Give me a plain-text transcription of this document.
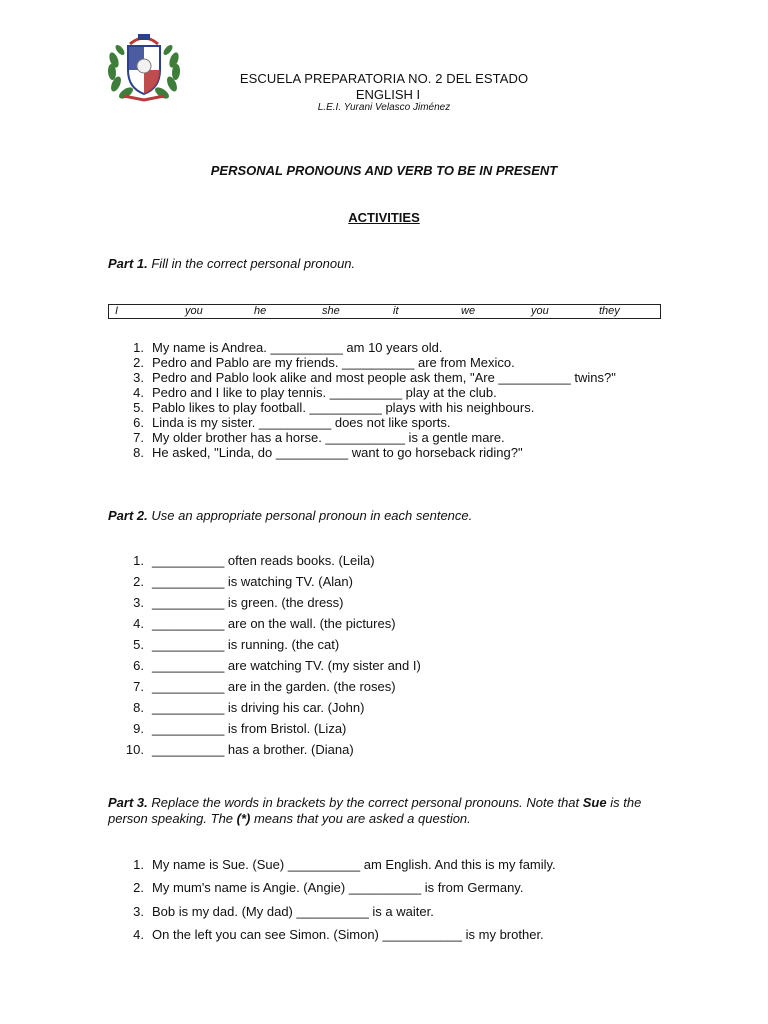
ESCUELA PREPARATORIA NO. 2 DEL ESTADO
ENGLISH I
L.E.I. Yurani Velasco Jiménez
PERSONAL PRONOUNS AND VERB TO BE IN PRESENT
ACTIVITIES
Part 1. Fill in the correct personal pronoun.
I	you	he	she	it	we	you	they
1. My name is Andrea. __________ am 10 years old.
2. Pedro and Pablo are my friends. __________ are from Mexico.
3. Pedro and Pablo look alike and most people ask them, "Are __________ twins?"
4. Pedro and I like to play tennis. __________ play at the club.
5. Pablo likes to play football. __________ plays with his neighbours.
6. Linda is my sister. __________ does not like sports.
7. My older brother has a horse. ___________ is a gentle mare.
8. He asked, "Linda, do __________ want to go horseback riding?"
Part 2. Use an appropriate personal pronoun in each sentence.
1. __________ often reads books. (Leila)
2. __________ is watching TV. (Alan)
3. __________ is green. (the dress)
4. __________ are on the wall. (the pictures)
5. __________ is running. (the cat)
6. __________ are watching TV. (my sister and I)
7. __________ are in the garden. (the roses)
8. __________ is driving his car. (John)
9. __________ is from Bristol. (Liza)
10. __________ has a brother. (Diana)
Part 3. Replace the words in brackets by the correct personal pronouns. Note that Sue is the person speaking. The (*) means that you are asked a question.
1. My name is Sue. (Sue) __________ am English. And this is my family.
2. My mum's name is Angie. (Angie) __________ is from Germany.
3. Bob is my dad. (My dad) __________ is a waiter.
4. On the left you can see Simon. (Simon) ___________ is my brother.
